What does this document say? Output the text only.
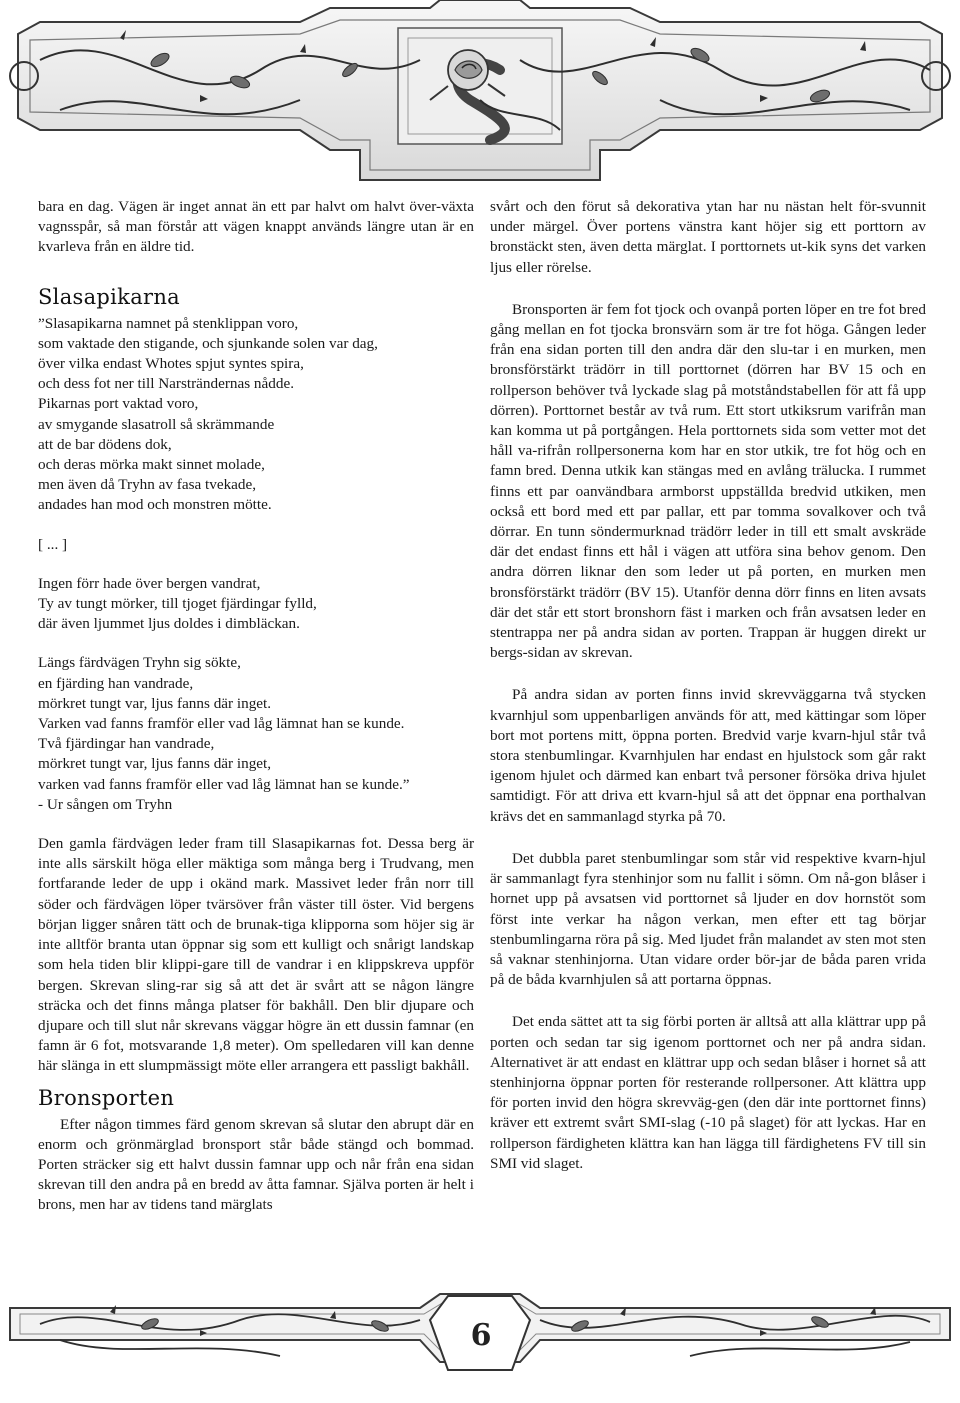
bara en dag. Vägen är inget annat än ett par halvt om halvt över-växta vagnsspår, så man förstår att vägen knappt används längre utan är en kvarleva från en äldre tid.

Slasapikarna

”Slasapikarna namnet på stenklippan voro,

som vaktade den stigande, och sjunkande solen var dag,

över vilka endast Whotes spjut syntes spira,

och dess fot ner till Narsträndernas nådde.

Pikarnas port vaktad voro,

av smygande slasatroll så skrämmande

att de bar dödens dok,

och deras mörka makt sinnet molade,

men även då Tryhn av fasa tvekade,

andades han mod och monstren mötte.

[ ... ]

Ingen förr hade över bergen vandrat,

Ty av tungt mörker, till tjoget fjärdingar fylld,

där även ljummet ljus doldes i dimbläckan.

Längs färdvägen Tryhn sig sökte,

en fjärding han vandrade,

mörkret tungt var, ljus fanns där inget.

Varken vad fanns framför eller vad låg lämnat han se kunde.

Två fjärdingar han vandrade,

mörkret tungt var, ljus fanns där inget,

varken vad fanns framför eller vad låg lämnat han se kunde.”

- Ur sången om Tryhn

Den gamla färdvägen leder fram till Slasapikarnas fot. Dessa berg är inte alls särskilt höga eller mäktiga som många berg i Trudvang, men fortfarande leder de upp i okänd mark. Massivet leder från norr till söder och färdvägen löper tvärsöver från väster till öster. Vid bergens början ligger snåren tätt och de brunak-tiga klipporna som höjer sig är inte alltför branta utan öppnar sig som ett kulligt och snårigt landskap som hela tiden blir klippi-gare till de vandrar i en klippskreva uppför bergen. Skrevan sling-rar sig så att det är svårt att se någon längre sträcka och det finns många platser för bakhåll. Den blir djupare och djupare och till slut når skrevans väggar högre än ett dussin famnar (en famn är 6 fot, motsvarande 1,8 meter). Om spelledaren vill kan denne här slänga in ett slumpmässigt möte eller arrangera ett passligt bakhåll.

Bronsporten

Efter någon timmes färd genom skrevan så slutar den abrupt där en enorm och grönmärglad bronsport står både stängd och bommad. Porten sträcker sig ett halvt dussin famnar upp och når från ena sidan skrevan till den andra på en bredd av åtta famnar. Själva porten är helt i brons, men har av tidens tand märglats

svårt och den förut så dekorativa ytan har nu nästan helt för-svunnit under märgel. Över portens vänstra kant höjer sig ett porttorn av bronstäckt sten, även detta märglat. I porttornets ut-kik syns det varken ljus eller rörelse.

Bronsporten är fem fot tjock och ovanpå porten löper en tre fot bred gång mellan en fot tjocka bronsvärn som är tre fot höga. Gången leder från ena sidan porten till den andra där den slu-tar i en murken, men bronsförstärkt trädörr in till porttornet (dörren har BV 15 och en rollperson behöver två lyckade slag på motståndstabellen för att få upp dörren). Porttornet består av två rum. Ett stort utkiksrum varifrån man kan komma ut på portgången. Hela porttornets sida som vetter mot det håll va-rifrån rollpersonerna kom har en stor utkik, tre fot hög och en famn bred. Denna utkik kan stängas med en avlång trälucka. I rummet finns ett par oanvändbara armborst uppställda bredvid utkiken, men också ett bord med ett par pallar, ett par tomma sovalkover och två dörrar. En tunn söndermurknad trädörr leder in till ett smalt avskräde där det endast finns ett hål i vägen att utföra sina behov genom. Den andra dörren liknar den som leder ut på porten, en murken men bronsförstärkt trädörr (BV 15). Utanför denna dörr finns en liten avsats där det står ett stort bronshorn fäst i marken och från avsatsen leder en stentrappa ner på andra sidan av porten. Trappan är huggen direkt ur bergs-sidan av skrevan.

På andra sidan av porten finns invid skrevväggarna två stycken kvarnhjul som uppenbarligen används för att, med kättingar som löper bort mot portens mitt, öppna porten. Bredvid varje kvarn-hjul står två stora stenbumlingar. Kvarnhjulen har endast en hjulstock som går rakt igenom hjulet och därmed kan enbart två personer försöka driva hjulet samtidigt. För att driva ett kvarn-hjul så att det öppnar ena porthalvan krävs det en sammanlagd styrka på 70.

Det dubbla paret stenbumlingar som står vid respektive kvarn-hjul är sammanlagt fyra stenhinjor som nu fallit i sömn. Om nå-gon blåser i hornet upp på avsatsen vid porttornet så ljuder en dov hornstöt som först inte verkar ha någon verkan, men efter ett tag börjar stenbumlingarna röra på sig. Med ljudet från malandet av sten mot sten så vaknar stenhinjorna. Utan vidare order bör-jar de båda paren vrida på de båda kvarnhjulen så att portarna öppnas.

Det enda sättet att ta sig förbi porten är alltså att alla klättrar upp på porten och sedan tar sig igenom porttornet och ner på andra sidan. Alternativet är att endast en klättrar upp och sedan blåser i hornet så att stenhinjorna öppnar porten för resterande rollpersoner. Att klättra upp för porten invid den högra skrevväg-gen (den där inte porttornet finns) kräver ett extremt svårt SMI-slag (-10 på slaget) för att lyckas. Har en rollperson färdigheten klättra kan han lägga till färdighetens FV till sin SMI vid slaget.

6
